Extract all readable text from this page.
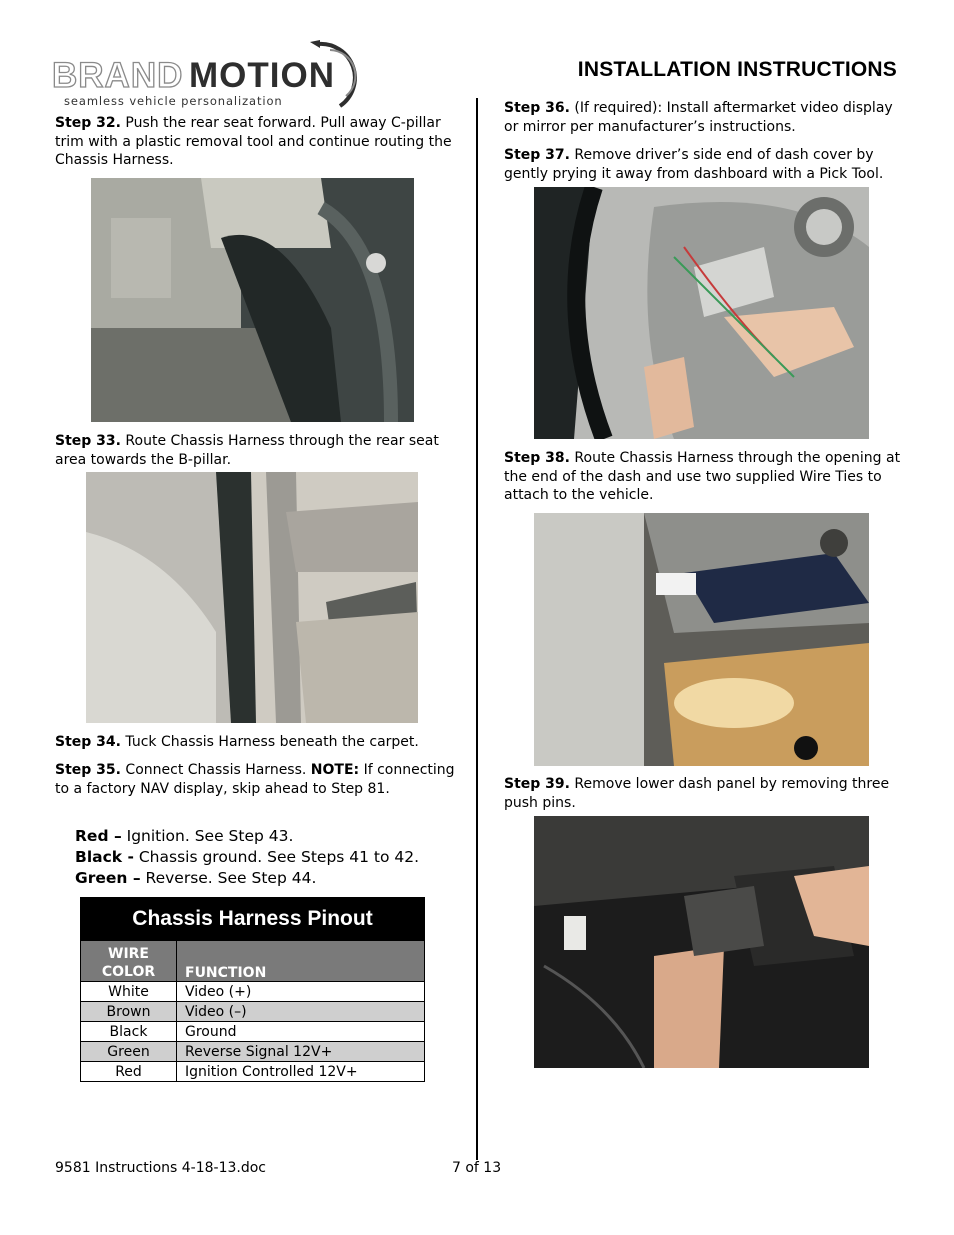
BRAND MOTION
seamless vehicle personalization
INSTALLATION INSTRUCTIONS

Step 32. Push the rear seat forward. Pull away C-pillar trim with a plastic removal tool and continue routing the Chassis Harness.

Step 33. Route Chassis Harness through the rear seat area towards the B-pillar.

Step 34. Tuck Chassis Harness beneath the carpet.

Step 35. Connect Chassis Harness. NOTE: If connecting to a factory NAV display, skip ahead to Step 81.

Red – Ignition. See Step 43.
Black - Chassis ground. See Steps 41 to 42.
Green – Reverse. See Step 44.
Chassis Harness Pinout	
WIRE
COLOR	FUNCTION
White	Video (+)
Brown	Video (–)
Black	Ground
Green	Reverse Signal 12V+
Red	Ignition Controlled 12V+

Step 36. (If required): Install aftermarket video display or mirror per manufacturer’s instructions.

Step 37. Remove driver’s side end of dash cover by gently prying it away from dashboard with a Pick Tool.

Step 38. Route Chassis Harness through the opening at the end of the dash and use two supplied Wire Ties to attach to the vehicle.

Step 39. Remove lower dash panel by removing three push pins.

9581 Instructions 4-18-13.doc	7 of 13
